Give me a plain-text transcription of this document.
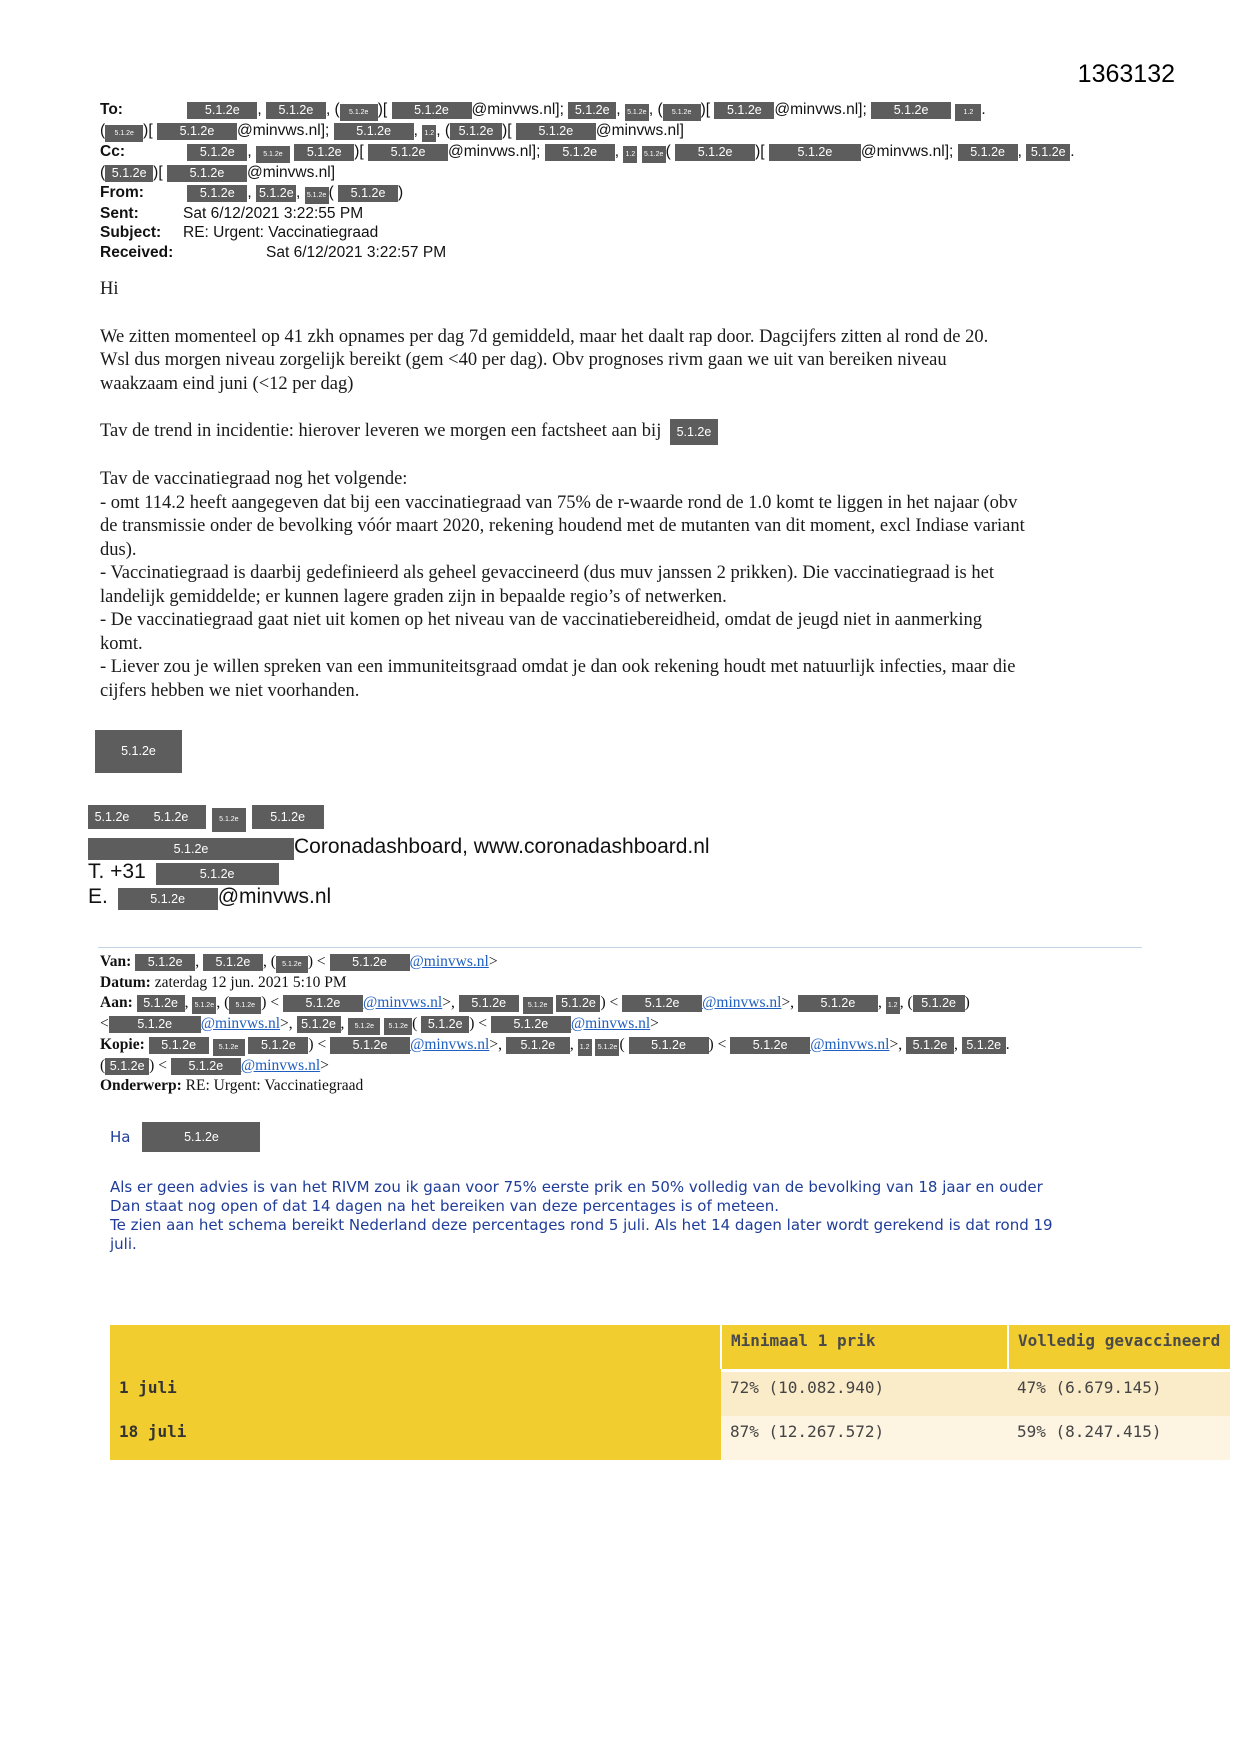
1363132
To:	5.1.2e , 5.1.2e , ( 5.1.2e )[ 5.1.2e @minvws.nl]; 5.1.2e , 5.1.2e , ( 5.1.2e )[ 5.1.2e @minvws.nl]; 5.1.2e	1.2 .
( 5.1.2e )[ 5.1.2e @minvws.nl]; 5.1.2e , 1.2 , ( 5.1.2e )[ 5.1.2e @minvws.nl]
Cc:	5.1.2e , 5.1.2e 5.1.2e )[ 5.1.2e @minvws.nl]; 5.1.2e , 1.2 5.1.2e ( 5.1.2e )[ 5.1.2e @minvws.nl]; 5.1.2e , 5.1.2e .
( 5.1.2e )[ 5.1.2e @minvws.nl]
From:	5.1.2e , 5.1.2e , 5.1.2e ( 5.1.2e )
Sent:	Sat 6/12/2021 3:22:55 PM
Subject:	RE: Urgent: Vaccinatiegraad
Received:	Sat 6/12/2021 3:22:57 PM

Hi

We zitten momenteel op 41 zkh opnames per dag 7d gemiddeld, maar het daalt rap door. Dagcijfers zitten al rond de 20.
Wsl dus morgen niveau zorgelijk bereikt (gem <40 per dag). Obv prognoses rivm gaan we uit van bereiken niveau
waakzaam eind juni (<12 per dag)

Tav de trend in incidentie: hierover leveren we morgen een factsheet aan bij 5.1.2e

Tav de vaccinatiegraad nog het volgende:
- omt 114.2 heeft aangegeven dat bij een vaccinatiegraad van 75% de r-waarde rond de 1.0 komt te liggen in het najaar (obv
de transmissie onder de bevolking vóór maart 2020, rekening houdend met de mutanten van dit moment, excl Indiase variant
dus).
- Vaccinatiegraad is daarbij gedefinieerd als geheel gevaccineerd (dus muv janssen 2 prikken). Die vaccinatiegraad is het
landelijk gemiddelde; er kunnen lagere graden zijn in bepaalde regio’s of netwerken.
- De vaccinatiegraad gaat niet uit komen op het niveau van de vaccinatiebereidheid, omdat de jeugd niet in aanmerking
komt.
- Liever zou je willen spreken van een immuniteitsgraad omdat je dan ook rekening houdt met natuurlijk infecties, maar die
cijfers hebben we niet voorhanden.

5.1.2e
5.1.2e 5.1.2e	5.1.2e	5.1.2e
5.1.2e	Coronadashboard, www.coronadashboard.nl
T. +31	5.1.2e
E.	5.1.2e @minvws.nl
Van: 5.1.2e , 5.1.2e , ( 5.1.2e ) < 5.1.2e @minvws.nl>
Datum: zaterdag 12 jun. 2021 5:10 PM
Aan: 5.1.2e , 5.1.2e , ( 5.1.2e ) < 5.1.2e @minvws.nl>, 5.1.2e	5.1.2e 5.1.2e ) < 5.1.2e @minvws.nl>, 5.1.2e , 1.2 , ( 5.1.2e )
< 5.1.2e @minvws.nl>, 5.1.2e , 5.1.2e 5.1.2e ( 5.1.2e ) < 5.1.2e @minvws.nl>
Kopie: 5.1.2e	5.1.2e 5.1.2e ) < 5.1.2e @minvws.nl>, 5.1.2e , 1.2 5.1.2e ( 5.1.2e ) < 5.1.2e @minvws.nl>, 5.1.2e , 5.1.2e .
( 5.1.2e ) < 5.1.2e @minvws.nl>
Onderwerp: RE: Urgent: Vaccinatiegraad
Ha	5.1.2e
Als er geen advies is van het RIVM zou ik gaan voor 75% eerste prik en 50% volledig van de bevolking van 18 jaar en ouder
Dan staat nog open of dat 14 dagen na het bereiken van deze percentages is of meteen.
Te zien aan het schema bereikt Nederland deze percentages rond 5 juli. Als het 14 dagen later wordt gerekend is dat rond 19
juli.
	Minimaal 1 prik	Volledig gevaccineerd

1 juli	72% (10.082.940)	47% (6.679.145)
18 juli	87% (12.267.572)	59% (8.247.415)
